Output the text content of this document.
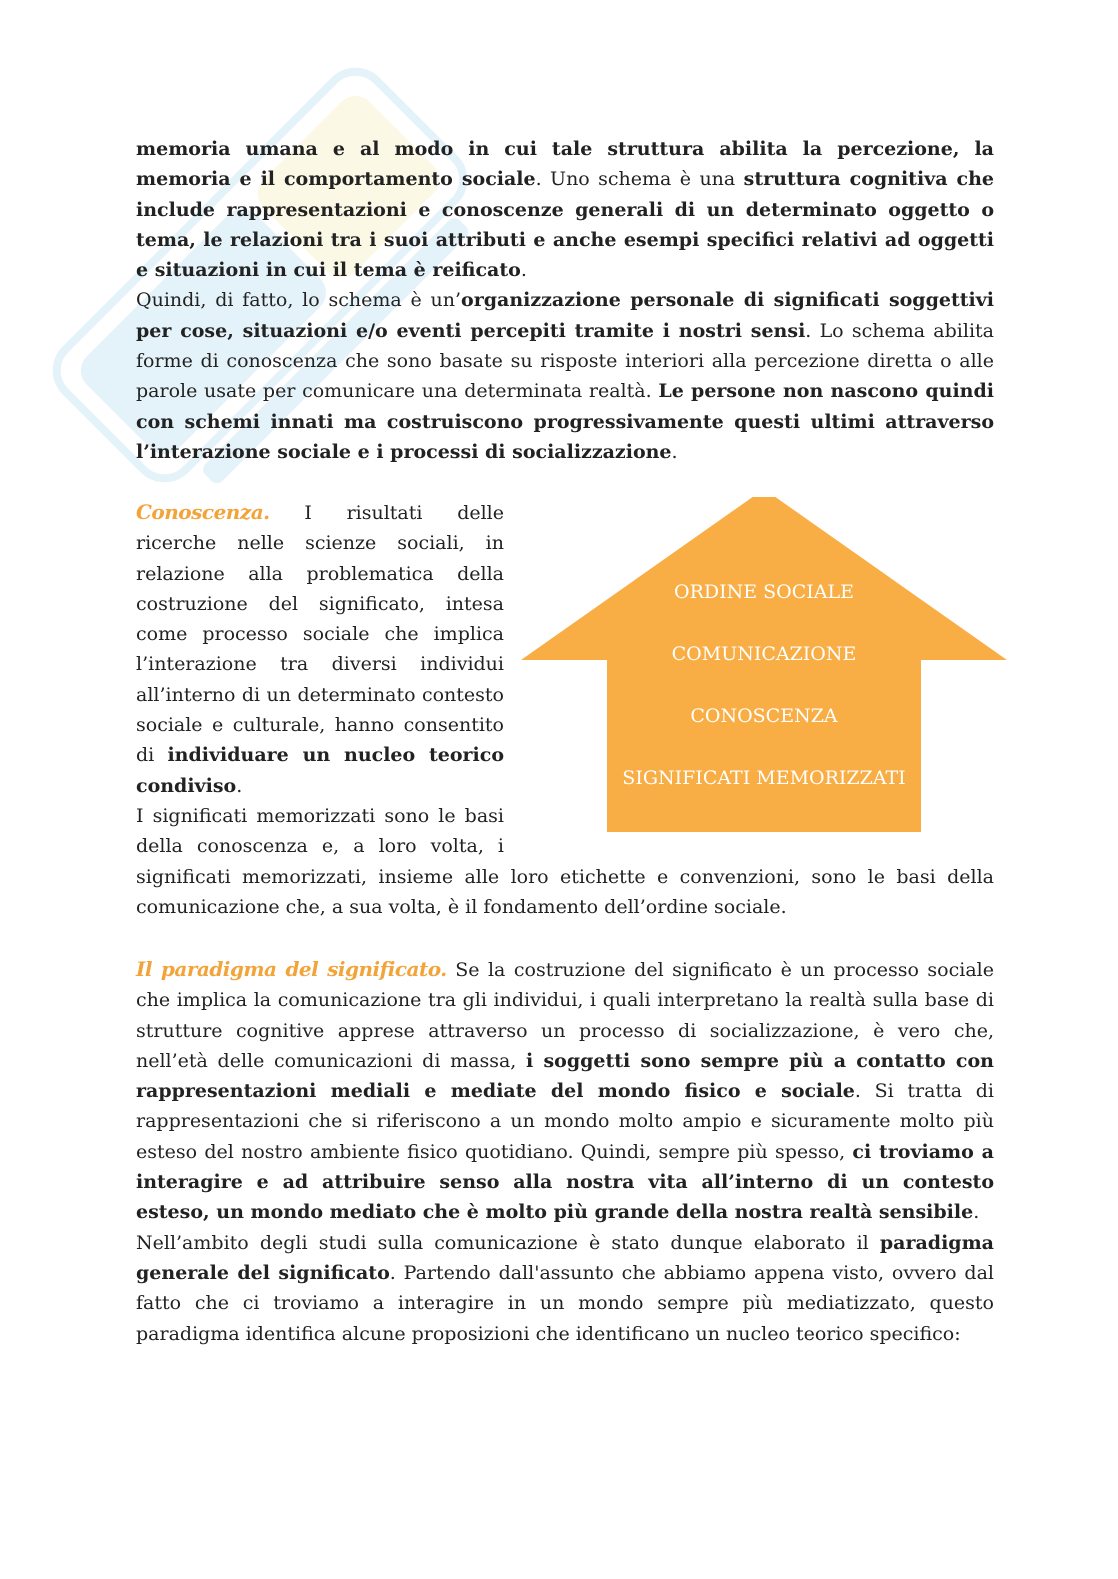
memoria umana e al modo in cui tale struttura abilita la percezione, la memoria e il comportamento sociale. Uno schema è una struttura cognitiva che include rappresentazioni e conoscenze generali di un determinato oggetto o tema, le relazioni tra i suoi attributi e anche esempi specifici relativi ad oggetti e situazioni in cui il tema è reificato.

Quindi, di fatto, lo schema è un’organizzazione personale di significati soggettivi per cose, situazioni e/o eventi percepiti tramite i nostri sensi. Lo schema abilita forme di conoscenza che sono basate su risposte interiori alla percezione diretta o alle parole usate per comunicare una determinata realtà. Le persone non nascono quindi con schemi innati ma costruiscono progressivamente questi ultimi attraverso l’interazione sociale e i processi di socializzazione.

ORDINE SOCIALE
COMUNICAZIONE
CONOSCENZA
SIGNIFICATI MEMORIZZATI

Conoscenza. I risultati delle ricerche nelle scienze sociali, in relazione alla problematica della costruzione del significato, intesa come processo sociale che implica l’interazione tra diversi individui all’interno di un determinato contesto sociale e culturale, hanno consentito di individuare un nucleo teorico condiviso.

I significati memorizzati sono le basi della conoscenza e, a loro volta, i significati memorizzati, insieme alle loro etichette e convenzioni, sono le basi della comunicazione che, a sua volta, è il fondamento dell’ordine sociale.

Il paradigma del significato. Se la costruzione del significato è un processo sociale che implica la comunicazione tra gli individui, i quali interpretano la realtà sulla base di strutture cognitive apprese attraverso un processo di socializzazione, è vero che, nell’età delle comunicazioni di massa, i soggetti sono sempre più a contatto con rappresentazioni mediali e mediate del mondo fisico e sociale. Si tratta di rappresentazioni che si riferiscono a un mondo molto ampio e sicuramente molto più esteso del nostro ambiente fisico quotidiano. Quindi, sempre più spesso, ci troviamo a interagire e ad attribuire senso alla nostra vita all’interno di un contesto esteso, un mondo mediato che è molto più grande della nostra realtà sensibile.

Nell’ambito degli studi sulla comunicazione è stato dunque elaborato il paradigma generale del significato. Partendo dall'assunto che abbiamo appena visto, ovvero dal fatto che ci troviamo a interagire in un mondo sempre più mediatizzato, questo paradigma identifica alcune proposizioni che identificano un nucleo teorico specifico:
